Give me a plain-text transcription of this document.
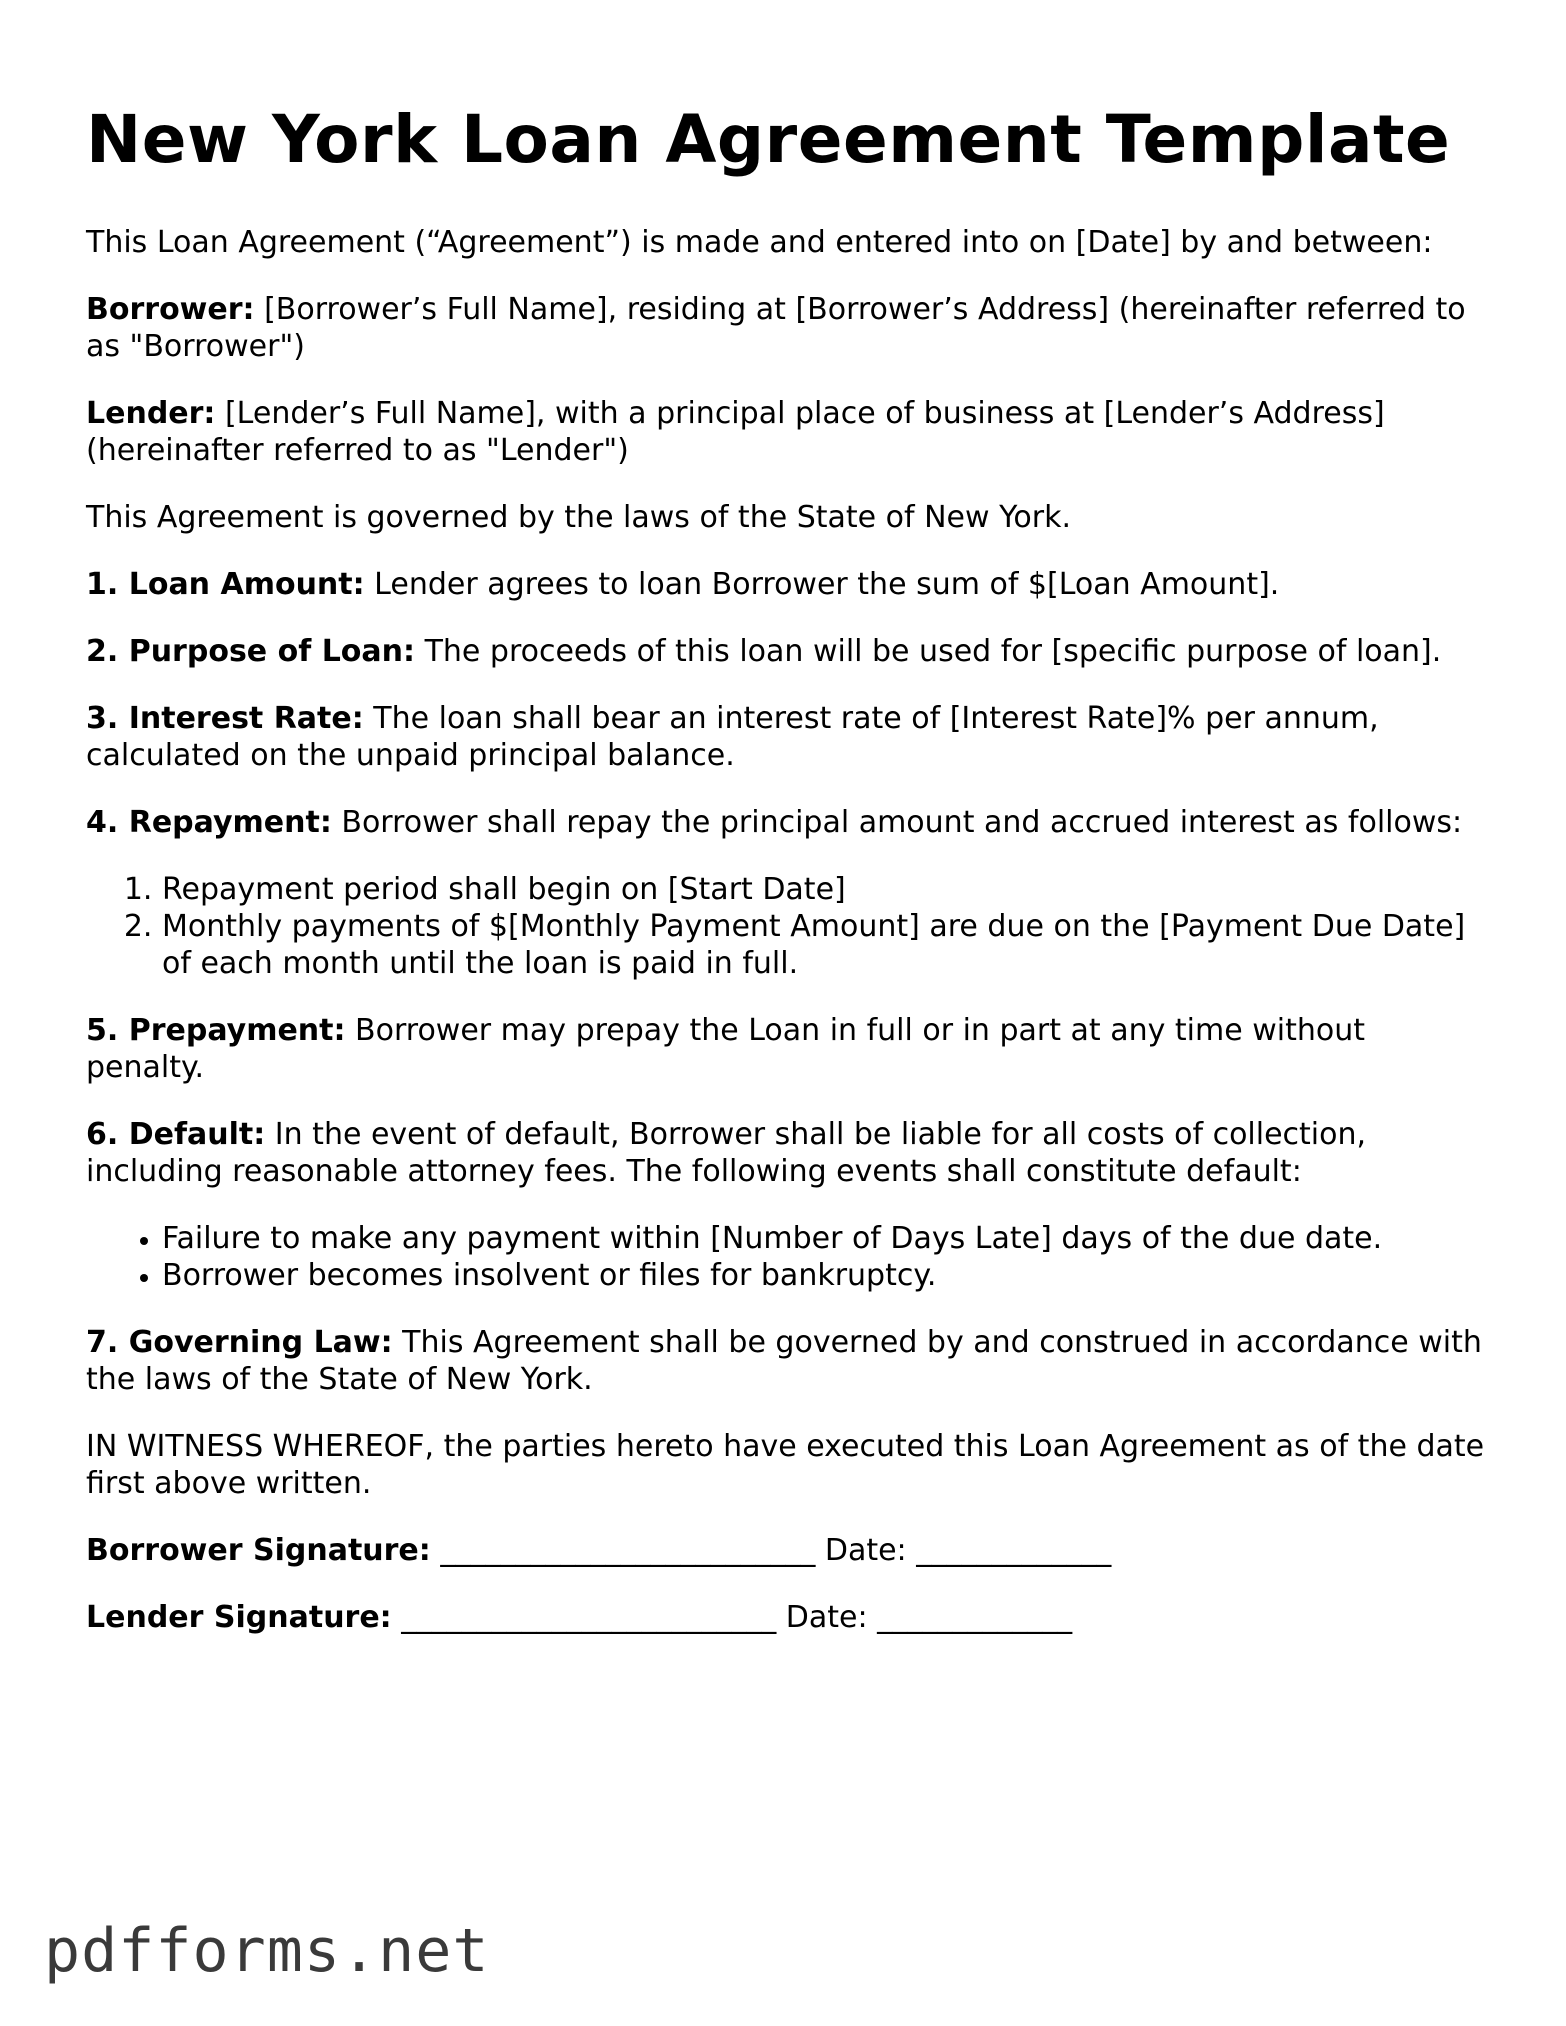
New York Loan Agreement Template

This Loan Agreement (“Agreement”) is made and entered into on [Date] by and between:

Borrower: [Borrower’s Full Name], residing at [Borrower’s Address] (hereinafter referred to as "Borrower")

Lender: [Lender’s Full Name], with a principal place of business at [Lender’s Address] (hereinafter referred to as "Lender")

This Agreement is governed by the laws of the State of New York.

1. Loan Amount: Lender agrees to loan Borrower the sum of $[Loan Amount].

2. Purpose of Loan: The proceeds of this loan will be used for [specific purpose of loan].

3. Interest Rate: The loan shall bear an interest rate of [Interest Rate]% per annum, calculated on the unpaid principal balance.

4. Repayment: Borrower shall repay the principal amount and accrued interest as follows:

1. Repayment period shall begin on [Start Date]
2. Monthly payments of $[Monthly Payment Amount] are due on the [Payment Due Date] of each month until the loan is paid in full.

5. Prepayment: Borrower may prepay the Loan in full or in part at any time without penalty.

6. Default: In the event of default, Borrower shall be liable for all costs of collection, including reasonable attorney fees. The following events shall constitute default:

• Failure to make any payment within [Number of Days Late] days of the due date.
• Borrower becomes insolvent or files for bankruptcy.

7. Governing Law: This Agreement shall be governed by and construed in accordance with the laws of the State of New York.

IN WITNESS WHEREOF, the parties hereto have executed this Loan Agreement as of the date first above written.

Borrower Signature: _________________________ Date: _____________

Lender Signature: _________________________ Date: _____________

pdfforms.net
